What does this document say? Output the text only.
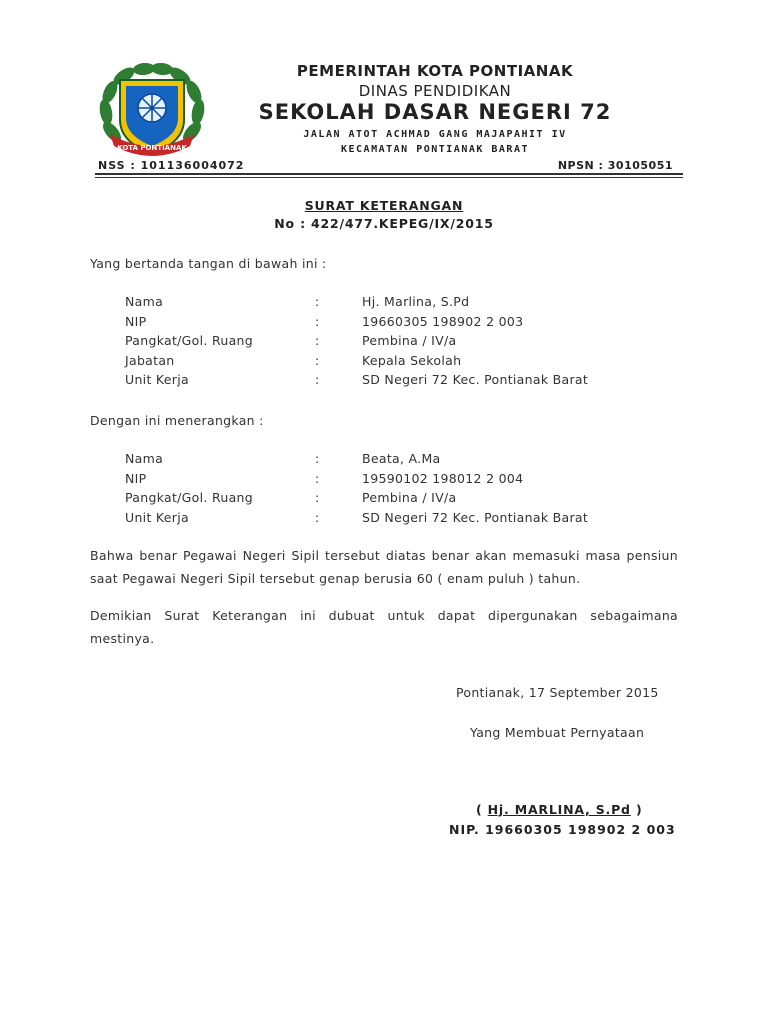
KOTA PONTIANAK
PEMERINTAH KOTA PONTIANAK
DINAS PENDIDIKAN
SEKOLAH DASAR NEGERI 72
JALAN ATOT ACHMAD GANG MAJAPAHIT IV
KECAMATAN PONTIANAK BARAT
NSS : 101136004072	NPSN : 30105051
SURAT KETERANGAN
No : 422/477.KEPEG/IX/2015
Yang bertanda tangan di bawah ini :
Nama	:	Hj. Marlina, S.Pd
NIP	:	19660305 198902 2 003
Pangkat/Gol. Ruang	:	Pembina / IV/a
Jabatan	:	Kepala Sekolah
Unit Kerja	:	SD Negeri 72 Kec. Pontianak Barat
Dengan ini menerangkan :
Nama	:	Beata, A.Ma
NIP	:	19590102 198012 2 004
Pangkat/Gol. Ruang	:	Pembina / IV/a
Unit Kerja	:	SD Negeri 72 Kec. Pontianak Barat
Bahwa benar Pegawai Negeri Sipil tersebut diatas benar akan memasuki masa pensiun saat Pegawai Negeri Sipil tersebut genap berusia 60 ( enam puluh ) tahun.
Demikian Surat Keterangan ini dubuat untuk dapat dipergunakan sebagaimana mestinya.
Pontianak, 17 September 2015
Yang Membuat Pernyataan
( Hj. MARLINA, S.Pd )
NIP. 19660305 198902 2 003
